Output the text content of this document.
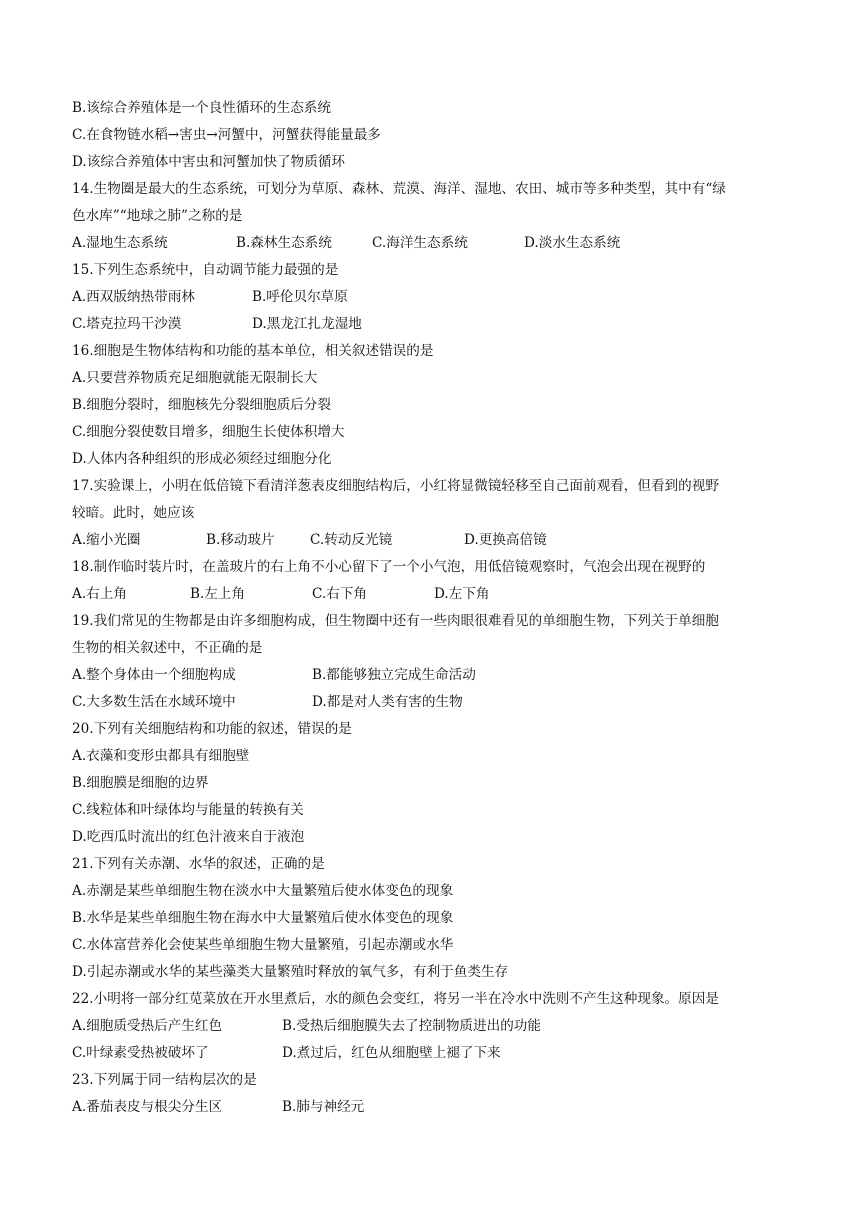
B.该综合养殖体是一个良性循环的生态系统
C.在食物链水稻→害虫→河蟹中，河蟹获得能量最多
D.该综合养殖体中害虫和河蟹加快了物质循环
14.生物圈是最大的生态系统，可划分为草原、森林、荒漠、海洋、湿地、农田、城市等多种类型，其中有“绿
色水库”“地球之肺”之称的是
A.湿地生态系统	B.森林生态系统	C.海洋生态系统	D.淡水生态系统
15.下列生态系统中，自动调节能力最强的是
A.西双版纳热带雨林	B.呼伦贝尔草原
C.塔克拉玛干沙漠	D.黑龙江扎龙湿地
16.细胞是生物体结构和功能的基本单位，相关叙述错误的是
A.只要营养物质充足细胞就能无限制长大
B.细胞分裂时，细胞核先分裂细胞质后分裂
C.细胞分裂使数目增多，细胞生长使体积增大
D.人体内各种组织的形成必须经过细胞分化
17.实验课上，小明在低倍镜下看清洋葱表皮细胞结构后，小红将显微镜轻移至自己面前观看，但看到的视野
较暗。此时，她应该
A.缩小光圈	B.移动玻片	C.转动反光镜	D.更换高倍镜
18.制作临时装片时，在盖玻片的右上角不小心留下了一个小气泡，用低倍镜观察时，气泡会出现在视野的
A.右上角	B.左上角	C.右下角	D.左下角
19.我们常见的生物都是由许多细胞构成，但生物圈中还有一些肉眼很难看见的单细胞生物，下列关于单细胞
生物的相关叙述中，不正确的是
A.整个身体由一个细胞构成	B.都能够独立完成生命活动
C.大多数生活在水域环境中	D.都是对人类有害的生物
20.下列有关细胞结构和功能的叙述，错误的是
A.衣藻和变形虫都具有细胞壁
B.细胞膜是细胞的边界
C.线粒体和叶绿体均与能量的转换有关
D.吃西瓜时流出的红色汁液来自于液泡
21.下列有关赤潮、水华的叙述，正确的是
A.赤潮是某些单细胞生物在淡水中大量繁殖后使水体变色的现象
B.水华是某些单细胞生物在海水中大量繁殖后使水体变色的现象
C.水体富营养化会使某些单细胞生物大量繁殖，引起赤潮或水华
D.引起赤潮或水华的某些藻类大量繁殖时释放的氧气多，有利于鱼类生存
22.小明将一部分红苋菜放在开水里煮后，水的颜色会变红，将另一半在冷水中洗则不产生这种现象。原因是
A.细胞质受热后产生红色	B.受热后细胞膜失去了控制物质进出的功能
C.叶绿素受热被破坏了	D.煮过后，红色从细胞壁上褪了下来
23.下列属于同一结构层次的是
A.番茄表皮与根尖分生区	B.肺与神经元
